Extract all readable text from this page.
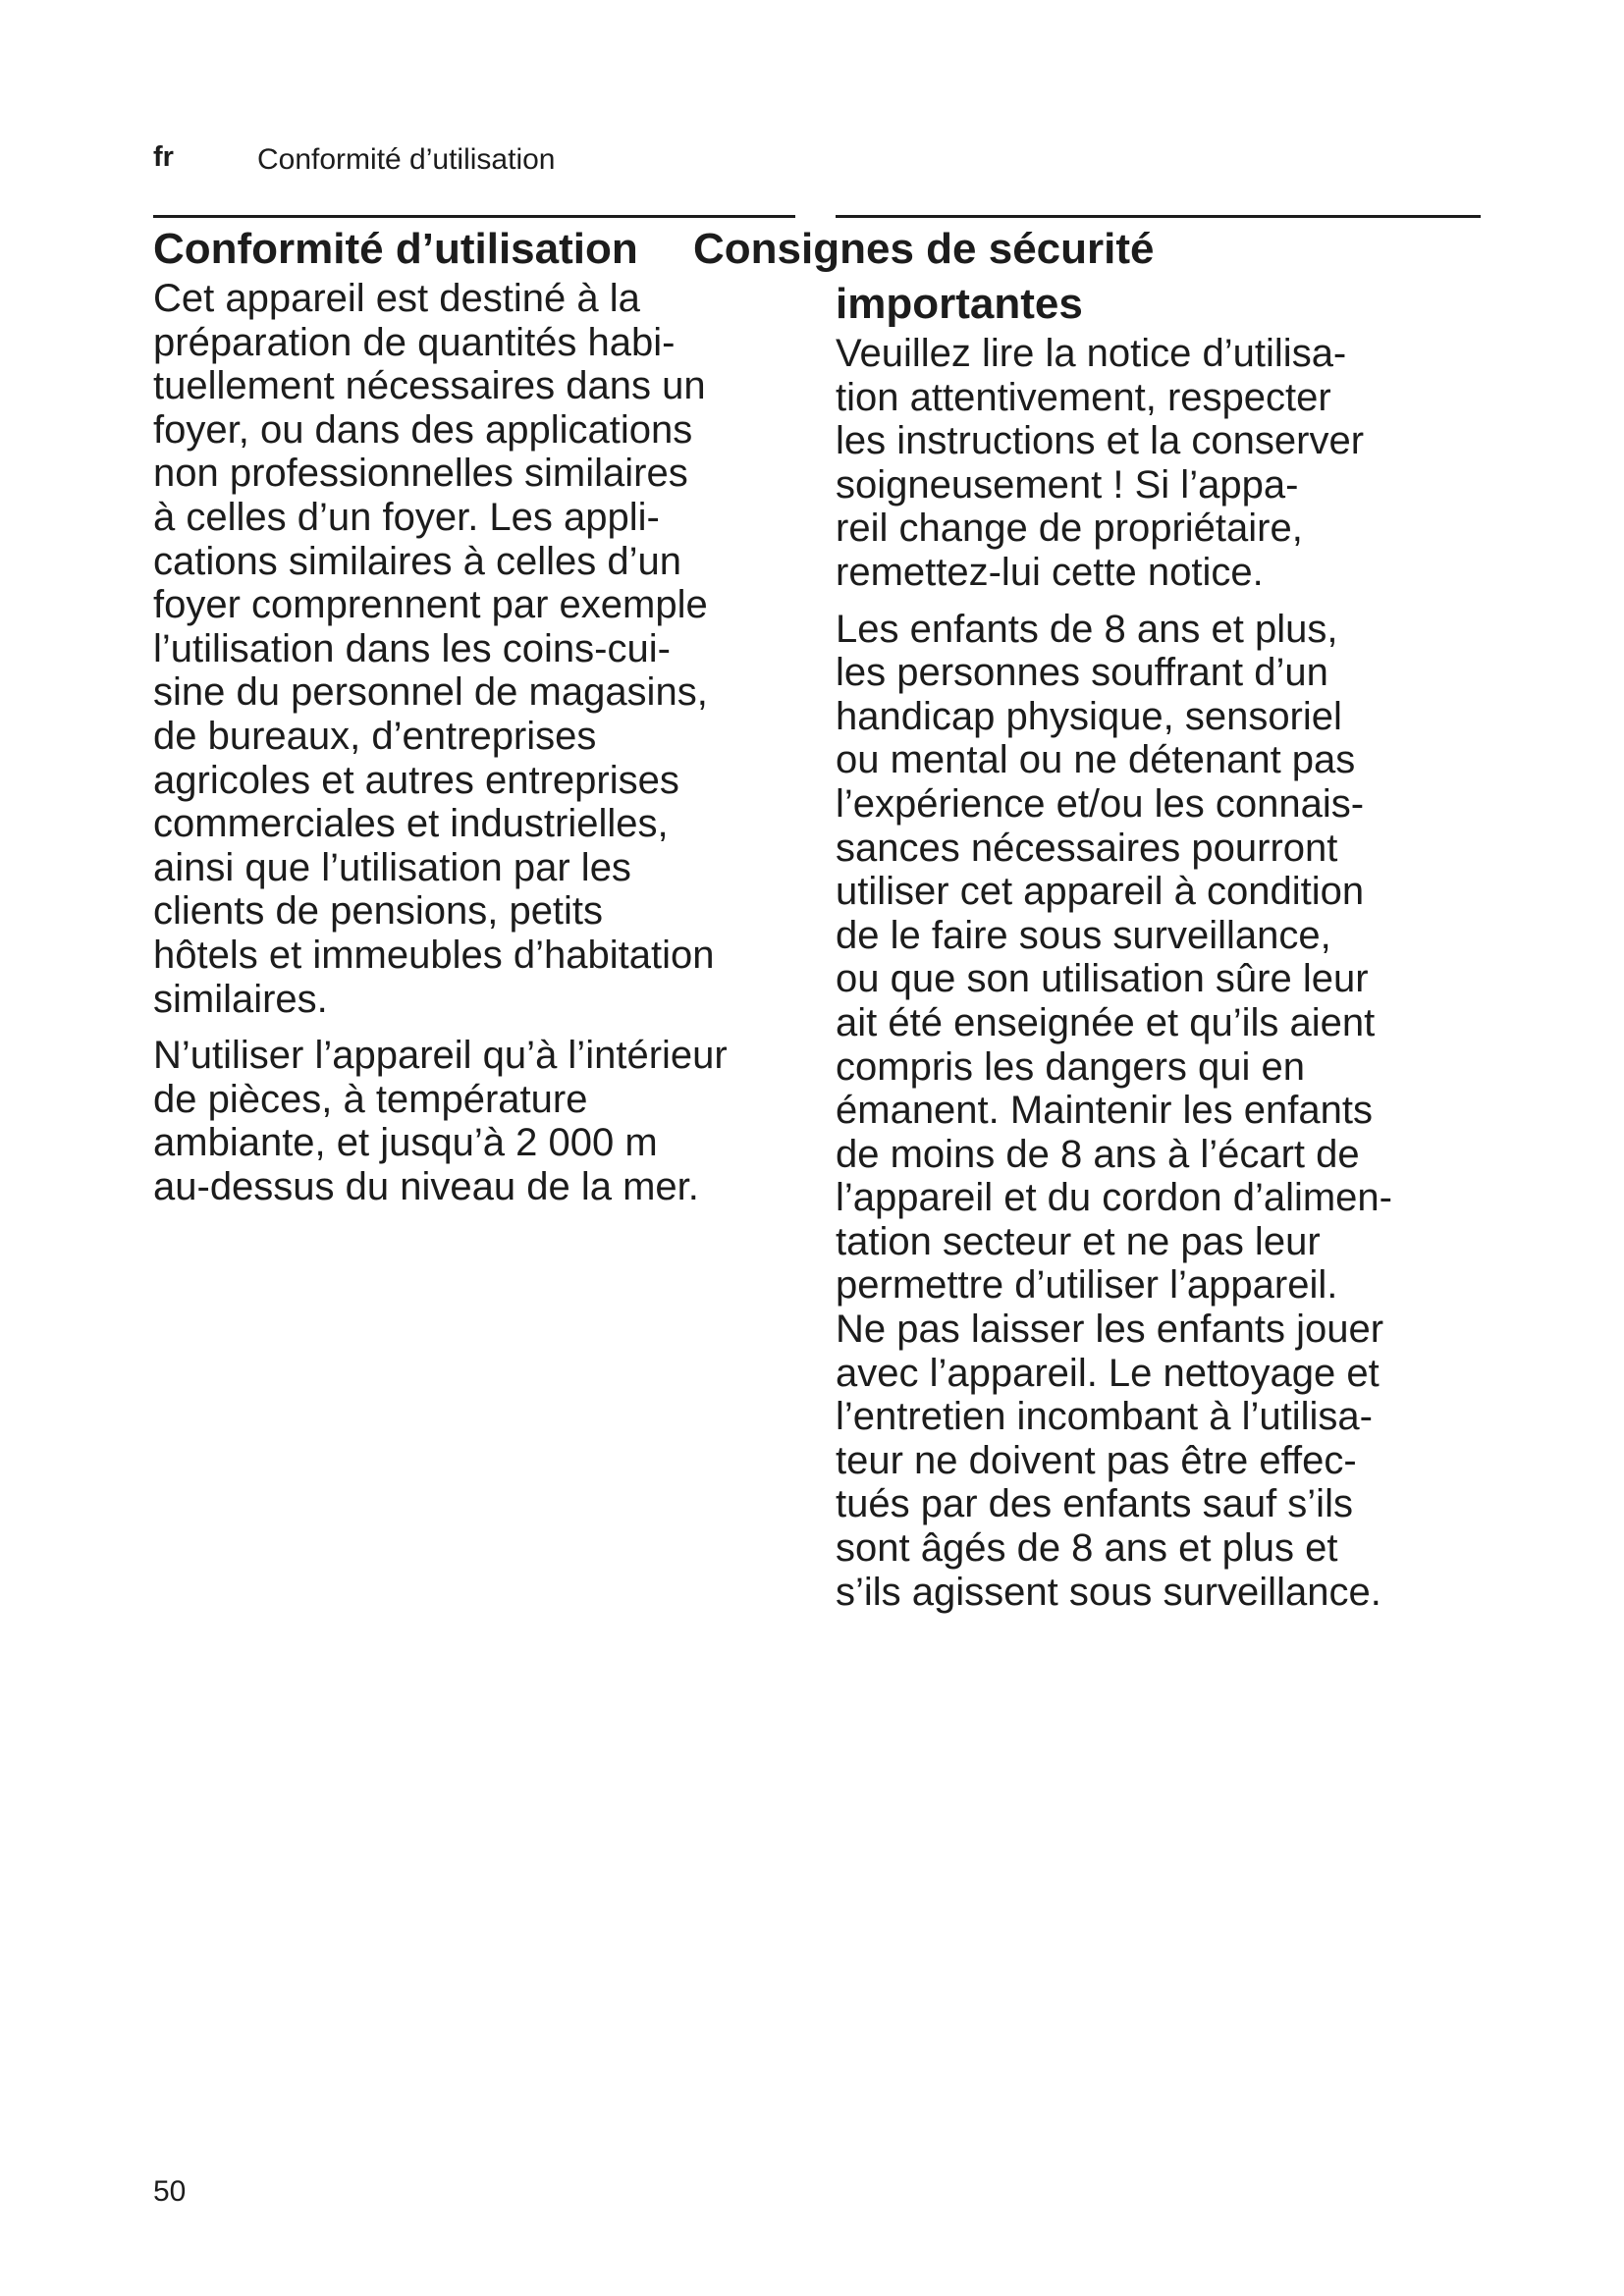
fr	Conformité d’utilisation
Conformité d’utilisation
Cet appareil est destiné à la
préparation de quantités habi-
tuellement nécessaires dans un
foyer, ou dans des applications
non professionnelles similaires
à celles d’un foyer. Les appli-
cations similaires à celles d’un
foyer comprennent par exemple
l’utilisation dans les coins-cui-
sine du personnel de magasins,
de bureaux, d’entreprises
agricoles et autres entreprises
commerciales et industrielles,
ainsi que l’utilisation par les
clients de pensions, petits
hôtels et immeubles d’habitation
similaires.
N’utiliser l’appareil qu’à l’intérieur
de pièces, à température
ambiante, et jusqu’à 2 000 m
au-dessus du niveau de la mer.
importantes
Veuillez lire la notice d’utilisa-
tion attentivement, respecter
les instructions et la conserver
soigneusement ! Si l’appa-
reil change de propriétaire,
remettez-lui cette notice.
Les enfants de 8 ans et plus,
les personnes souffrant d’un
handicap physique, sensoriel
ou mental ou ne détenant pas
l’expérience et/ou les connais-
sances nécessaires pourront
utiliser cet appareil à condition
de le faire sous surveillance,
ou que son utilisation sûre leur
ait été enseignée et qu’ils aient
compris les dangers qui en
émanent. Maintenir les enfants
de moins de 8 ans à l’écart de
l’appareil et du cordon d’alimen-
tation secteur et ne pas leur
permettre d’utiliser l’appareil.
Ne pas laisser les enfants jouer
avec l’appareil. Le nettoyage et
l’entretien incombant à l’utilisa-
teur ne doivent pas être effec-
tués par des enfants sauf s’ils
sont âgés de 8 ans et plus et
s’ils agissent sous surveillance.
Consignes de sécurité
50
